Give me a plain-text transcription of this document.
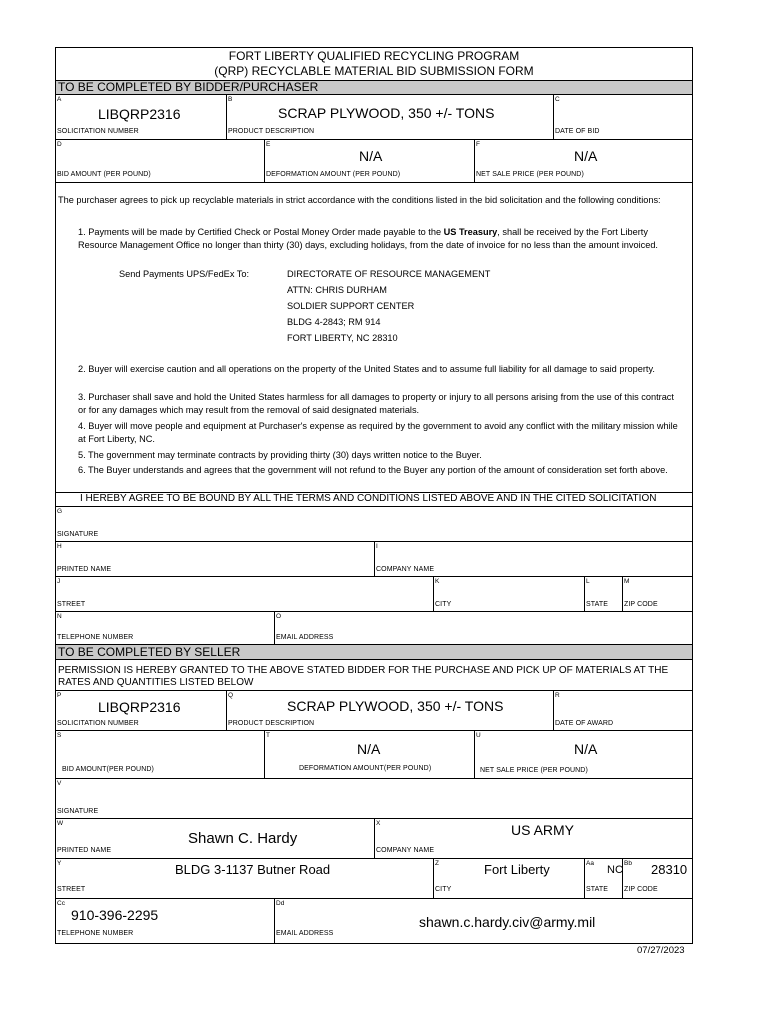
FORT LIBERTY QUALIFIED RECYCLING PROGRAM
(QRP) RECYCLABLE MATERIAL BID SUBMISSION FORM
TO BE COMPLETED BY BIDDER/PURCHASER
A
LIBQRP2316
SOLICITATION NUMBER
B
SCRAP PLYWOOD, 350 +/- TONS
PRODUCT DESCRIPTION
C
DATE OF BID
D
BID AMOUNT (PER POUND)
E
N/A
DEFORMATION AMOUNT (PER POUND)
F
N/A
NET SALE PRICE (PER POUND)
The purchaser agrees to pick up recyclable materials in strict accordance with the conditions listed in the bid solicitation and the following conditions:
1. Payments will be made by Certified Check or Postal Money Order made payable to the US Treasury, shall be received by the Fort Liberty Resource Management Office no longer than thirty (30) days, excluding holidays, from the date of invoice for no less than the amount invoiced.
Send Payments UPS/FedEx To:	DIRECTORATE OF RESOURCE MANAGEMENT
ATTN: CHRIS DURHAM
SOLDIER SUPPORT CENTER
BLDG 4-2843; RM 914
FORT LIBERTY, NC 28310
2. Buyer will exercise caution and all operations on the property of the United States and to assume full liability for all damage to said property.
3. Purchaser shall save and hold the United States harmless for all damages to property or injury to all persons arising from the use of this contract or for any damages which may result from the removal of said designated materials.
4. Buyer will move people and equipment at Purchaser's expense as required by the government to avoid any conflict with the military mission while at Fort Liberty, NC.
5. The government may terminate contracts by providing thirty (30) days written notice to the Buyer.
6. The Buyer understands and agrees that the government will not refund to the Buyer any portion of the amount of consideration set forth above.
I HEREBY AGREE TO BE BOUND BY ALL THE TERMS AND CONDITIONS LISTED ABOVE AND IN THE CITED SOLICITATION
G
SIGNATURE
H
PRINTED NAME
I
COMPANY NAME
J
STREET
K
CITY
L
STATE
M
ZIP CODE
N
TELEPHONE NUMBER
O
EMAIL ADDRESS
TO BE COMPLETED BY SELLER
PERMISSION IS HEREBY GRANTED TO THE ABOVE STATED BIDDER FOR THE PURCHASE AND PICK UP OF MATERIALS AT THE RATES AND QUANTITIES LISTED BELOW
P
LIBQRP2316
SOLICITATION NUMBER
Q
SCRAP PLYWOOD, 350 +/- TONS
PRODUCT DESCRIPTION
R
DATE OF AWARD
S
BID AMOUNT(PER POUND)
T
N/A
DEFORMATION AMOUNT(PER POUND)
U
N/A
NET SALE PRICE (PER POUND)
V
SIGNATURE
W
Shawn C. Hardy
PRINTED NAME
X	US ARMY
COMPANY NAME
Y	BLDG 3-1137 Butner Road
STREET
Z	Fort Liberty
CITY
Aa
NC
STATE
Bb 28310
ZIP CODE
Cc
910-396-2295
TELEPHONE NUMBER
Dd
shawn.c.hardy.civ@army.mil
EMAIL ADDRESS
07/27/2023
